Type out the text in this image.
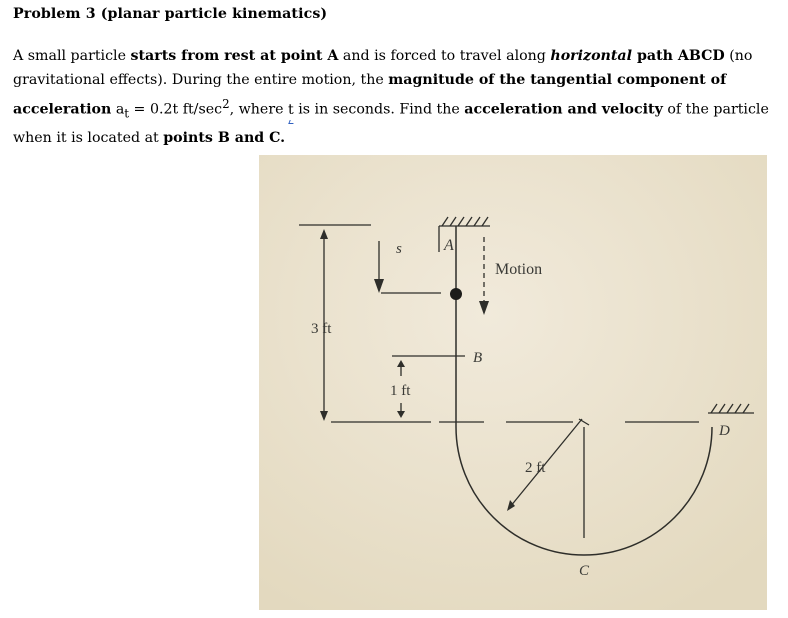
Problem 3 (planar particle kinematics)

A small particle starts from rest at point A and is forced to travel along horizontal path ABCD (no gravitational effects). During the entire motion, the magnitude of the tangential component of acceleration $a_t = 0.2t$ $ft/\sec^2$, where t is in seconds. Find the acceleration and velocity of the particle when it is located at points B and C.

A
s
Motion
3 ft
B
1 ft
D
2 ft
C
